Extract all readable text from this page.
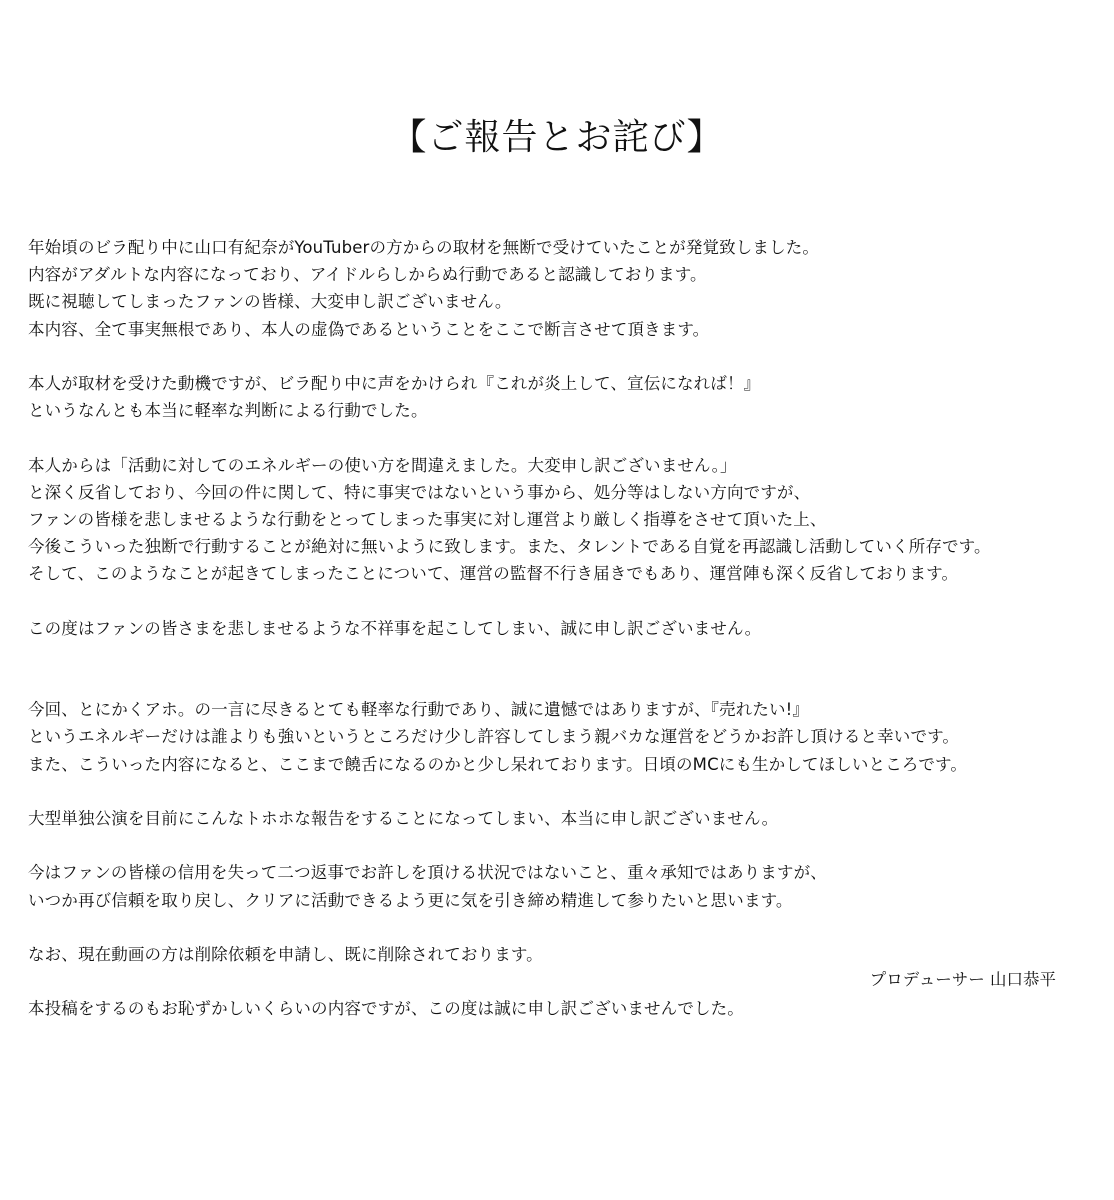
【ご報告とお詫び】
年始頃のビラ配り中に山口有紀奈がYouTuberの方からの取材を無断で受けていたことが発覚致しました。
内容がアダルトな内容になっており、アイドルらしからぬ行動であると認識しております。
既に視聴してしまったファンの皆様、大変申し訳ございません。
本内容、全て事実無根であり、本人の虚偽であるということをここで断言させて頂きます。
本人が取材を受けた動機ですが、ビラ配り中に声をかけられ『これが炎上して、宣伝になれば！』
というなんとも本当に軽率な判断による行動でした。
本人からは「活動に対してのエネルギーの使い方を間違えました。大変申し訳ございません。」
と深く反省しており、今回の件に関して、特に事実ではないという事から、処分等はしない方向ですが、
ファンの皆様を悲しませるような行動をとってしまった事実に対し運営より厳しく指導をさせて頂いた上、
今後こういった独断で行動することが絶対に無いように致します。また、タレントである自覚を再認識し活動していく所存です。
そして、このようなことが起きてしまったことについて、運営の監督不行き届きでもあり、運営陣も深く反省しております。
この度はファンの皆さまを悲しませるような不祥事を起こしてしまい、誠に申し訳ございません。
今回、とにかくアホ。の一言に尽きるとても軽率な行動であり、誠に遺憾ではありますが、『売れたい!』
というエネルギーだけは誰よりも強いというところだけ少し許容してしまう親バカな運営をどうかお許し頂けると幸いです。
また、こういった内容になると、ここまで饒舌になるのかと少し呆れております。日頃のMCにも生かしてほしいところです。
大型単独公演を目前にこんなトホホな報告をすることになってしまい、本当に申し訳ございません。
今はファンの皆様の信用を失って二つ返事でお許しを頂ける状況ではないこと、重々承知ではありますが、
いつか再び信頼を取り戻し、クリアに活動できるよう更に気を引き締め精進して参りたいと思います。
なお、現在動画の方は削除依頼を申請し、既に削除されております。
本投稿をするのもお恥ずかしいくらいの内容ですが、この度は誠に申し訳ございませんでした。
プロデューサー 山口恭平
